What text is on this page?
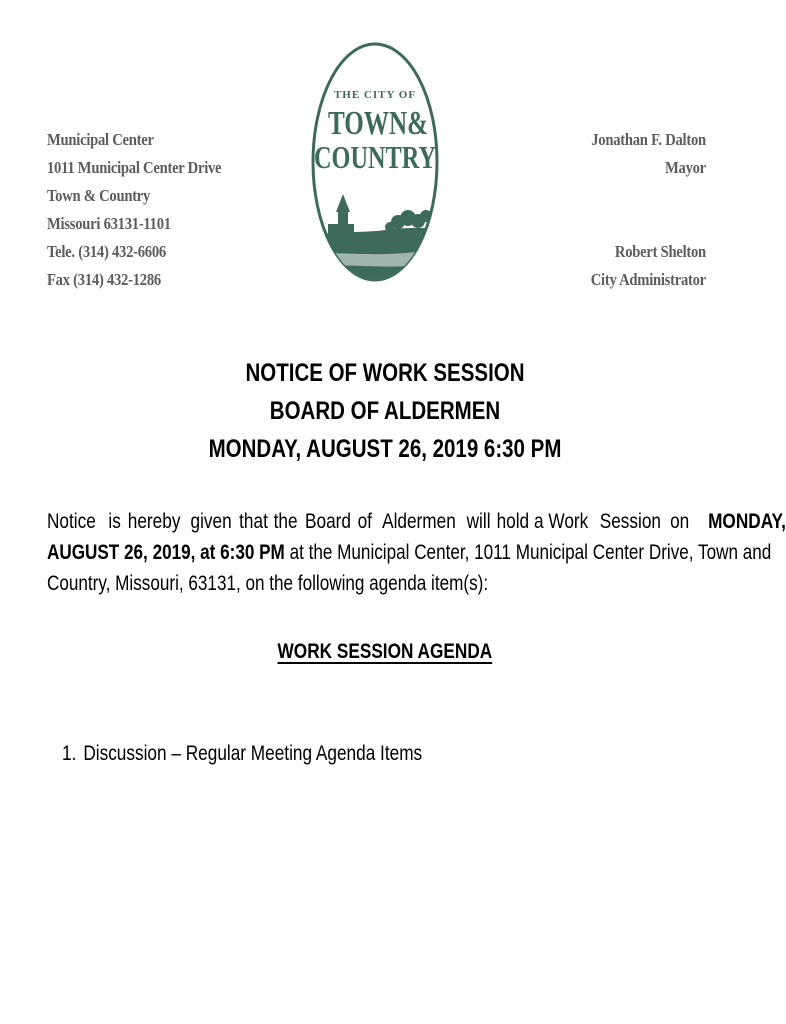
Municipal Center
1011 Municipal Center Drive
Town & Country
Missouri 63131-1101
Tele. (314) 432-6606
Fax (314) 432-1286
THE CITY OF
TOWN&
COUNTRY	Jonathan F. Dalton
Mayor
Robert Shelton
City Administrator
NOTICE OF WORK SESSION
BOARD OF ALDERMEN
MONDAY, AUGUST 26, 2019 6:30 PM
Notice is hereby given that the Board of Aldermen will hold a Work Session on MONDAY,
AUGUST 26, 2019, at 6:30 PM at the Municipal Center, 1011 Municipal Center Drive, Town and
Country, Missouri, 63131, on the following agenda item(s):
WORK SESSION AGENDA
1. Discussion – Regular Meeting Agenda Items
